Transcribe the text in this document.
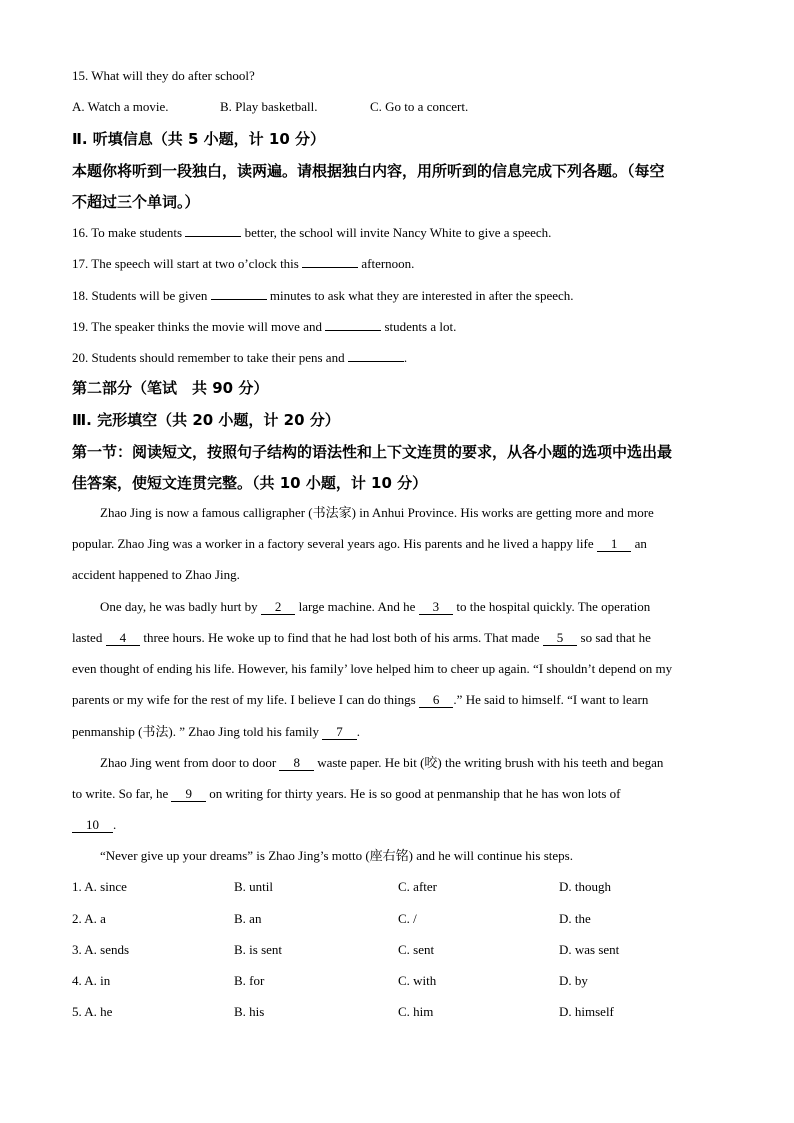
15. What will they do after school?
A. Watch a movie.	B. Play basketball.	C. Go to a concert.
Ⅱ. 听填信息（共 5 小题，计 10 分）
本题你将听到一段独白，读两遍。请根据独白内容，用所听到的信息完成下列各题。（每空
不超过三个单词。）
16. To make students	better, the school will invite Nancy White to give a speech.
17. The speech will start at two o’clock this	afternoon.
18. Students will be given	minutes to ask what they are interested in after the speech.
19. The speaker thinks the movie will move and	students a lot.
20. Students should remember to take their pens and	.
第二部分（笔试　共 90 分）
Ⅲ. 完形填空（共 20 小题，计 20 分）
第一节：阅读短文，按照句子结构的语法性和上下文连贯的要求，从各小题的选项中选出最
佳答案，使短文连贯完整。（共 10 小题，计 10 分）
Zhao Jing is now a famous calligrapher (书法家) in Anhui Province. His works are getting more and more
popular. Zhao Jing was a worker in a factory several years ago. His parents and he lived a happy life 1 an
accident happened to Zhao Jing.
One day, he was badly hurt by 2 large machine. And he 3 to the hospital quickly. The operation
lasted 4 three hours. He woke up to find that he had lost both of his arms. That made 5 so sad that he
even thought of ending his life. However, his family’ love helped him to cheer up again. “I shouldn’t depend on my
parents or my wife for the rest of my life. I believe I can do things 6 .” He said to himself. “I want to learn
penmanship (书法). ” Zhao Jing told his family 7 .
Zhao Jing went from door to door 8 waste paper. He bit (咬) the writing brush with his teeth and began
to write. So far, he 9 on writing for thirty years. He is so good at penmanship that he has won lots of
10 .
“Never give up your dreams” is Zhao Jing’s motto (座右铭) and he will continue his steps.
1. A. since	B. until	C. after	D. though
2. A. a	B. an	C. /	D. the
3. A. sends	B. is sent	C. sent	D. was sent
4. A. in	B. for	C. with	D. by
5. A. he	B. his	C. him	D. himself
